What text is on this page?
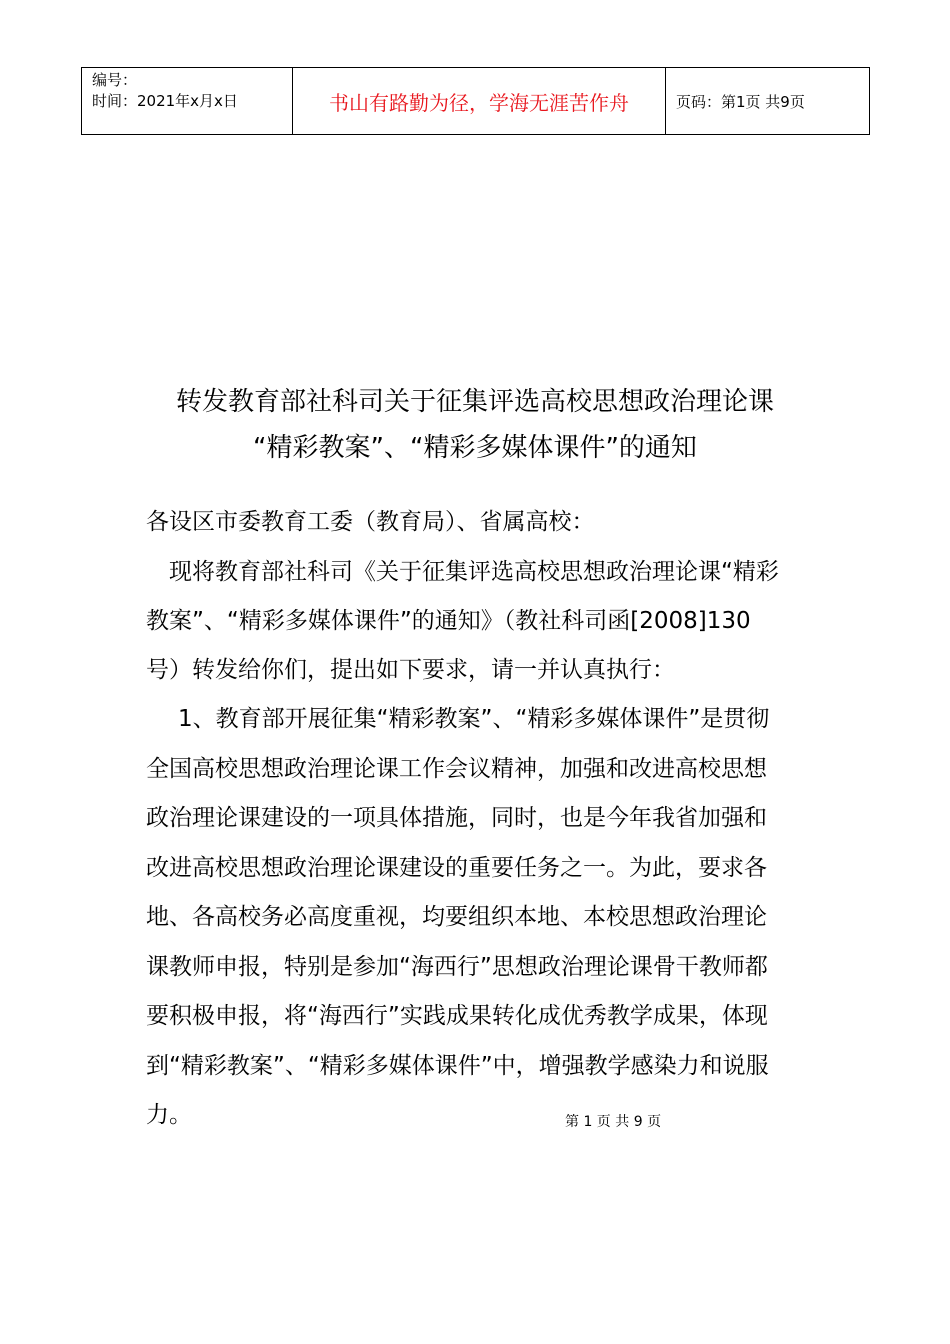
编号：
时间：2021年x月x日	书山有路勤为径，学海无涯苦作舟	页码：第1页 共9页
转发教育部社科司关于征集评选高校思想政治理论课
“精彩教案”、“精彩多媒体课件”的通知
各设区市委教育工委（教育局）、省属高校：
现将教育部社科司《关于征集评选高校思想政治理论课“精彩
教案”、“精彩多媒体课件”的通知》（教社科司函[2008]130
号）转发给你们，提出如下要求，请一并认真执行：
1、教育部开展征集“精彩教案”、“精彩多媒体课件”是贯彻
全国高校思想政治理论课工作会议精神，加强和改进高校思想
政治理论课建设的一项具体措施，同时，也是今年我省加强和
改进高校思想政治理论课建设的重要任务之一。为此，要求各
地、各高校务必高度重视，均要组织本地、本校思想政治理论
课教师申报，特别是参加“海西行”思想政治理论课骨干教师都
要积极申报，将“海西行”实践成果转化成优秀教学成果，体现
到“精彩教案”、“精彩多媒体课件”中，增强教学感染力和说服
力。	第 1 页 共 9 页
